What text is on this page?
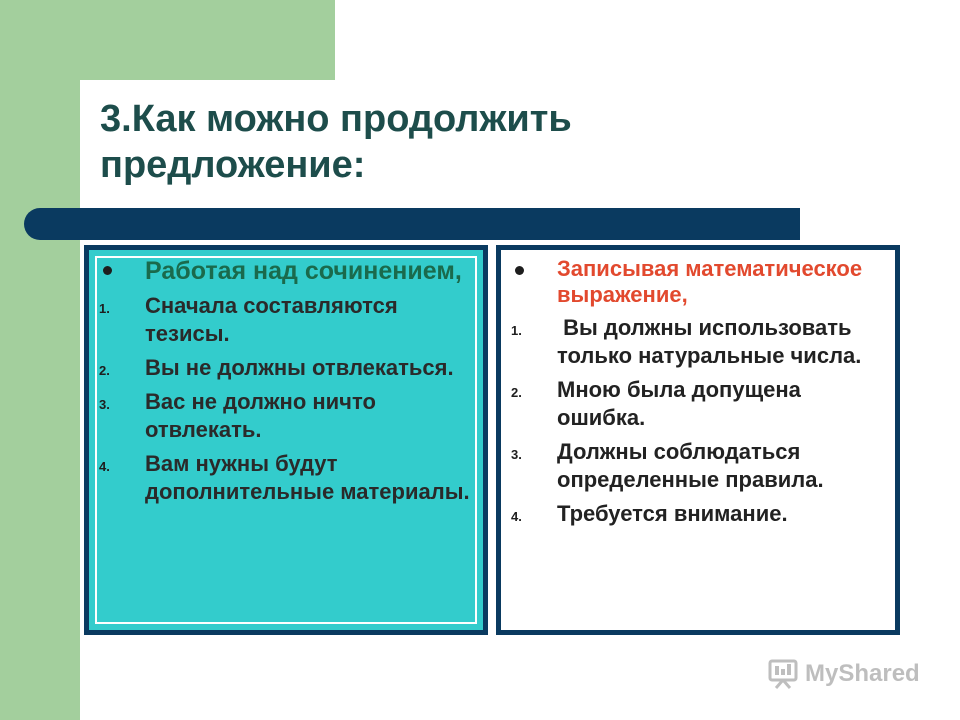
3.Как можно продолжить предложение:
Работая над сочинением,
1. Сначала составляются тезисы.
2. Вы не должны отвлекаться.
3. Вас не должно ничто отвлекать.
4. Вам нужны будут дополнительные материалы.
Записывая математическое выражение,
1. Вы должны использовать только натуральные числа.
2. Мною была допущена ошибка.
3. Должны соблюдаться определенные правила.
4. Требуется внимание.
MyShared
